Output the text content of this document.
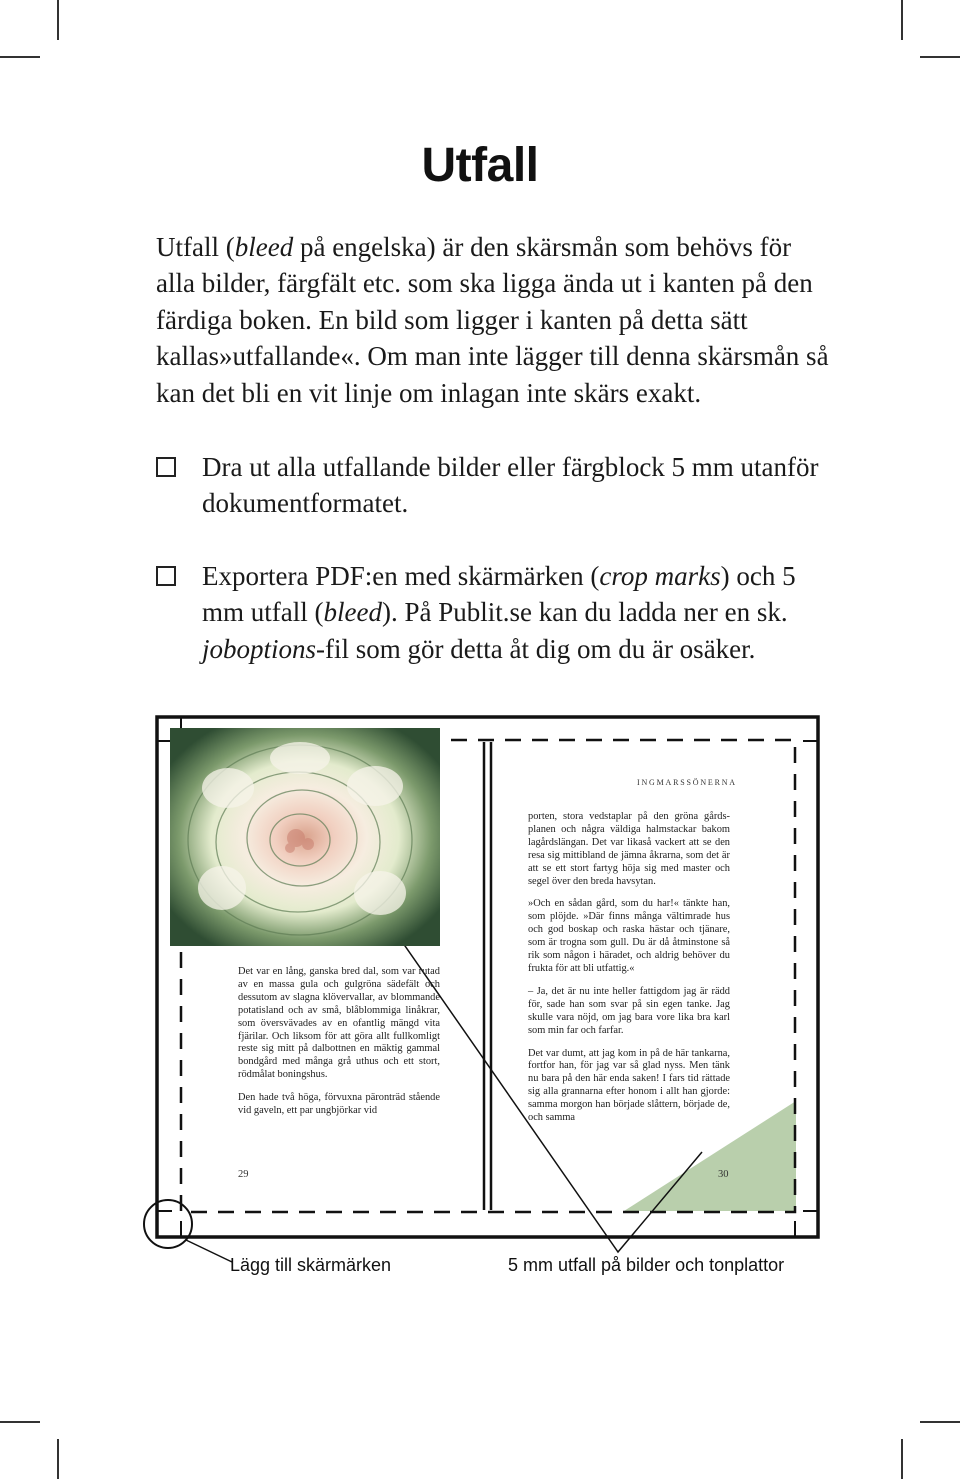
Utfall
Utfall (bleed på engelska) är den skärsmån som behövs för alla bilder, färgfält etc. som ska ligga ända ut i kanten på den färdiga boken. En bild som ligger i kanten på detta sätt kallas»utfallande«. Om man inte lägger till denna skärsmån så kan det bli en vit linje om inlagan inte skärs exakt.
Dra ut alla utfallande bilder eller färgblock 5 mm utanför dokumentformatet.
Exportera PDF:en med skärmärken (crop marks) och 5 mm utfall (bleed). På Publit.se kan du ladda ner en sk. joboptions-fil som gör detta åt dig om du är osäker.
INGMARSSÖNERNA

Det var en lång, ganska bred dal, som var rutad av en massa gula och gulgröna sädefält och dessutom av slagna klövervallar, av blommande potatisland och av små, blåblommiga linåkrar, som översvävades av en ofantlig mängd vita fjärilar. Och liksom för att göra allt fullkomligt reste sig mitt på dalbottnen en mäktig gammal bondgård med många grå uthus och ett stort, rödmålat boningshus.

Den hade två höga, förvuxna päronträd stående vid gaveln, ett par ungbjörkar vid

porten, stora vedstaplar på den gröna gårdsplanen och några väldiga halmstackar bakom lagårdslängan. Det var likaså vackert att se den resa sig mittibland de jämna åkrarna, som det är att se ett stort fartyg höja sig med master och segel över den breda havsytan.

»Och en sådan gård, som du har!« tänkte han, som plöjde. »Där finns många vältimrade hus och god boskap och raska hästar och tjänare, som är trogna som gull. Du är då åtminstone så rik som någon i häradet, och aldrig behöver du frukta för att bli utfattig.«

– Ja, det är nu inte heller fattigdom jag är rädd för, sade han som svar på sin egen tanke. Jag skulle vara nöjd, om jag bara vore lika bra karl som min far och farfar.

Det var dumt, att jag kom in på de här tankarna, fortfor han, för jag var så glad nyss. Men tänk nu bara på den här enda saken! I fars tid rättade sig alla grannarna efter honom i allt han gjorde: samma morgon han började slåttern, började de, och samma

29	30
Lägg till skärmärken	5 mm utfall på bilder och tonplattor
